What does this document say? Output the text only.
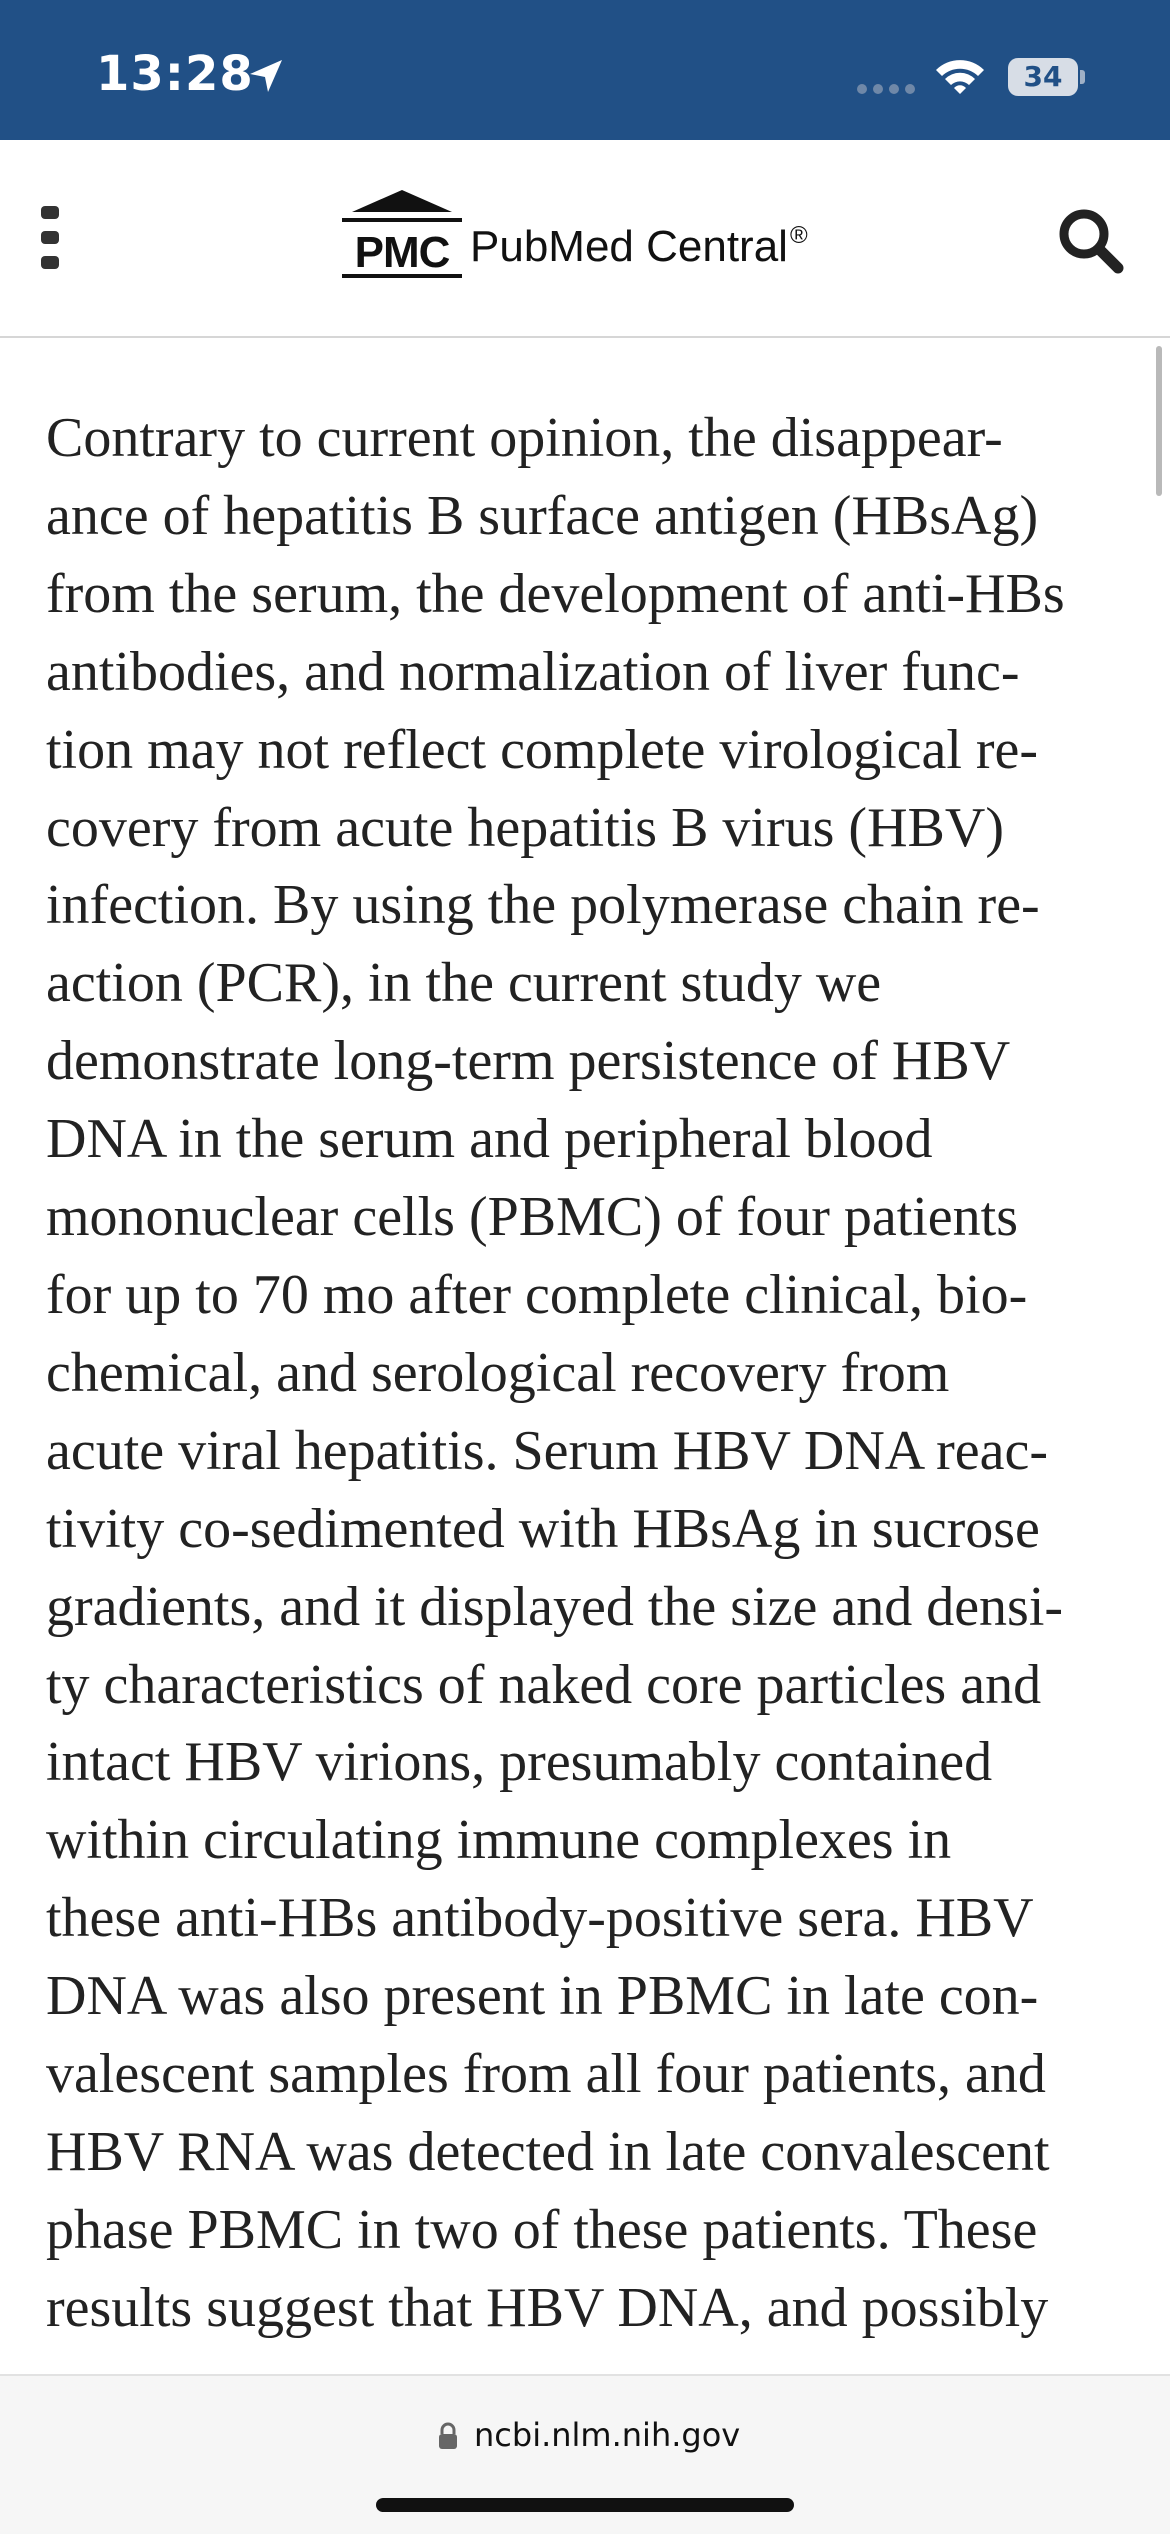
13:28	34
PMC PubMed Central®

Contrary to current opinion, the disappear-
ance of hepatitis B surface antigen (HBsAg)
from the serum, the development of anti-HBs
antibodies, and normalization of liver func-
tion may not reflect complete virological re-
covery from acute hepatitis B virus (HBV)
infection. By using the polymerase chain re-
action (PCR), in the current study we
demonstrate long-term persistence of HBV
DNA in the serum and peripheral blood
mononuclear cells (PBMC) of four patients
for up to 70 mo after complete clinical, bio-
chemical, and serological recovery from
acute viral hepatitis. Serum HBV DNA reac-
tivity co-sedimented with HBsAg in sucrose
gradients, and it displayed the size and densi-
ty characteristics of naked core particles and
intact HBV virions, presumably contained
within circulating immune complexes in
these anti-HBs antibody-positive sera. HBV
DNA was also present in PBMC in late con-
valescent samples from all four patients, and
HBV RNA was detected in late convalescent
phase PBMC in two of these patients. These
results suggest that HBV DNA, and possibly

ncbi.nlm.nih.gov
